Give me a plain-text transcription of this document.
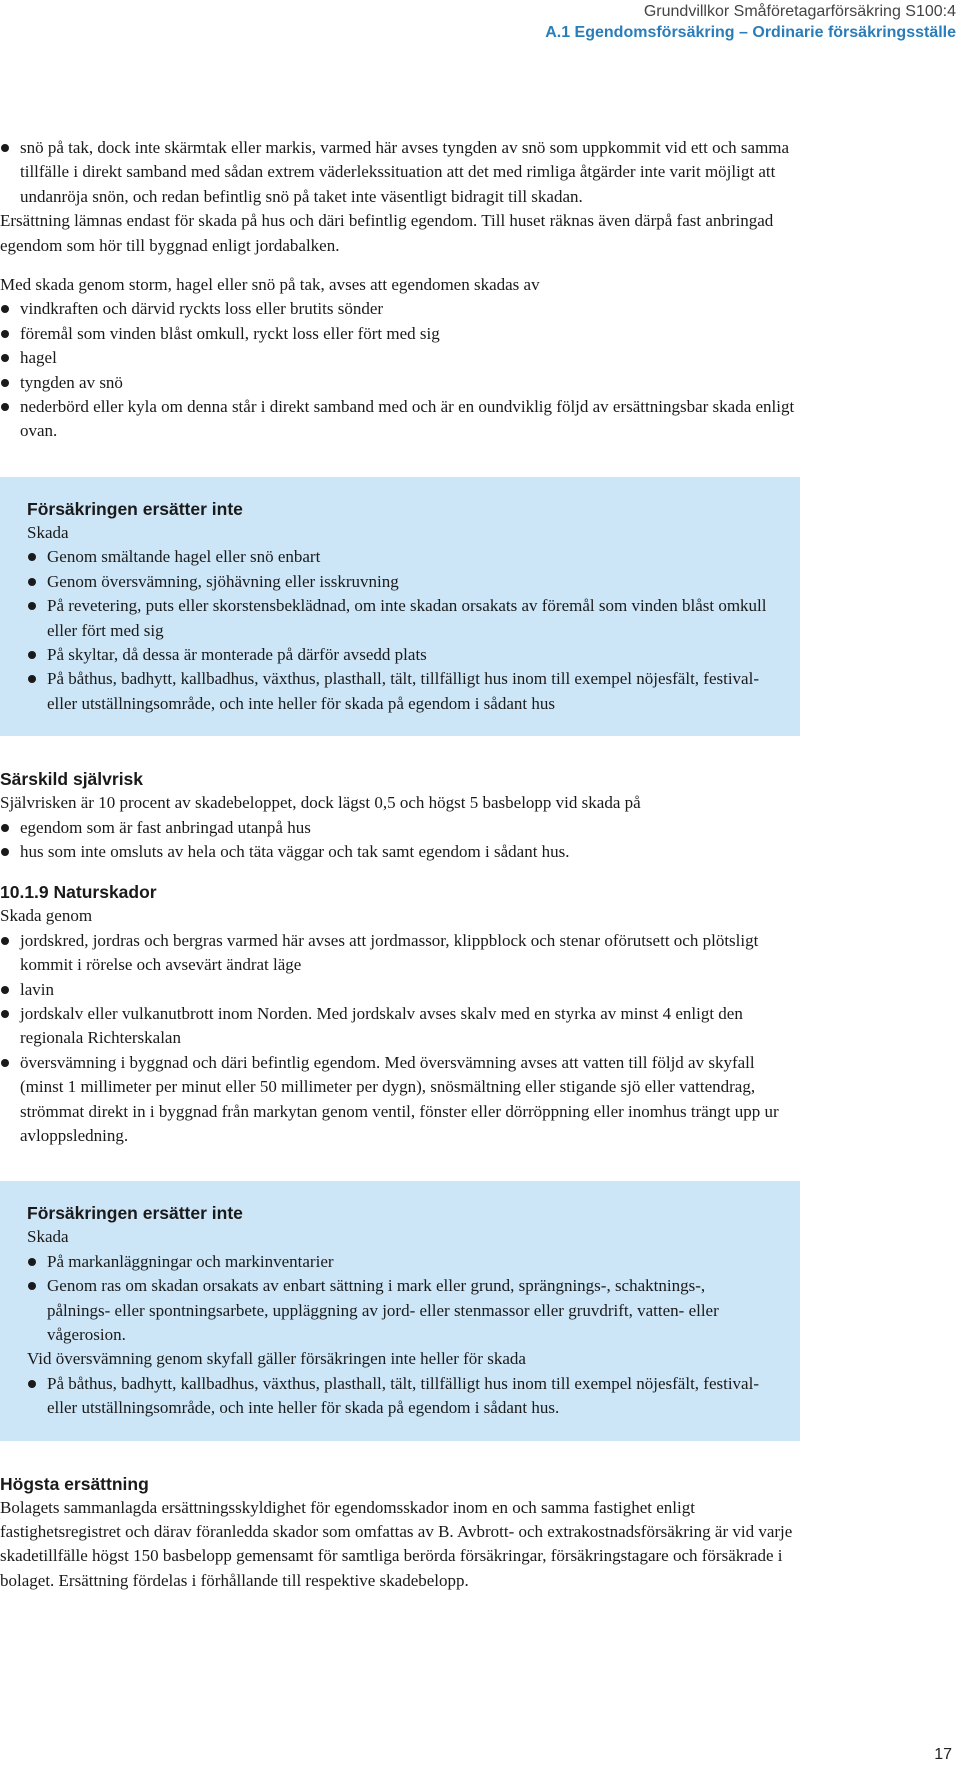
Grundvillkor Småföretagarförsäkring S100:4
A.1 Egendomsförsäkring – Ordinarie försäkringsställe

snö på tak, dock inte skärmtak eller markis, varmed här avses tyngden av snö som uppkommit vid ett och samma tillfälle i direkt samband med sådan extrem väderlekssituation att det med rimliga åtgärder inte varit möjligt att undanröja snön, och redan befintlig snö på taket inte väsentligt bidragit till skadan.

Ersättning lämnas endast för skada på hus och däri befintlig egendom. Till huset räknas även därpå fast anbringad egendom som hör till byggnad enligt jordabalken.

Med skada genom storm, hagel eller snö på tak, avses att egendomen skadas av

vindkraften och därvid ryckts loss eller brutits sönder

föremål som vinden blåst omkull, ryckt loss eller fört med sig

hagel

tyngden av snö

nederbörd eller kyla om denna står i direkt samband med och är en oundviklig följd av ersättningsbar skada enligt ovan.

Försäkringen ersätter inte

Skada

Genom smältande hagel eller snö enbart

Genom översvämning, sjöhävning eller isskruvning

På revetering, puts eller skorstensbeklädnad, om inte skadan orsakats av föremål som vinden blåst omkull eller fört med sig

På skyltar, då dessa är monterade på därför avsedd plats

På båthus, badhytt, kallbadhus, växthus, plasthall, tält, tillfälligt hus inom till exempel nöjesfält, festival- eller utställningsområde, och inte heller för skada på egendom i sådant hus

Särskild självrisk

Självrisken är 10 procent av skadebeloppet, dock lägst 0,5 och högst 5 basbelopp vid skada på

egendom som är fast anbringad utanpå hus

hus som inte omsluts av hela och täta väggar och tak samt egendom i sådant hus.

10.1.9 Naturskador

Skada genom

jordskred, jordras och bergras varmed här avses att jordmassor, klippblock och stenar oförutsett och plötsligt kommit i rörelse och avsevärt ändrat läge

lavin

jordskalv eller vulkanutbrott inom Norden. Med jordskalv avses skalv med en styrka av minst 4 enligt den regionala Richterskalan

översvämning i byggnad och däri befintlig egendom. Med översvämning avses att vatten till följd av skyfall (minst 1 millimeter per minut eller 50 millimeter per dygn), snösmältning eller stigande sjö eller vattendrag, strömmat direkt in i byggnad från markytan genom ventil, fönster eller dörröppning eller inomhus trängt upp ur avloppsledning.

Försäkringen ersätter inte

Skada

På markanläggningar och markinventarier

Genom ras om skadan orsakats av enbart sättning i mark eller grund, sprängnings-, schaktnings-, pålnings- eller spontningsarbete, uppläggning av jord- eller stenmassor eller gruvdrift, vatten- eller vågerosion.

Vid översvämning genom skyfall gäller försäkringen inte heller för skada

På båthus, badhytt, kallbadhus, växthus, plasthall, tält, tillfälligt hus inom till exempel nöjesfält, festival- eller utställningsområde, och inte heller för skada på egendom i sådant hus.

Högsta ersättning

Bolagets sammanlagda ersättningsskyldighet för egendomsskador inom en och samma fastighet enligt fastighetsregistret och därav föranledda skador som omfattas av B. Avbrott- och extrakostnadsförsäkring är vid varje skadetillfälle högst 150 basbelopp gemensamt för samtliga berörda försäkringar, försäkringstagare och försäkrade i bolaget. Ersättning fördelas i förhållande till respektive skadebelopp.

17
